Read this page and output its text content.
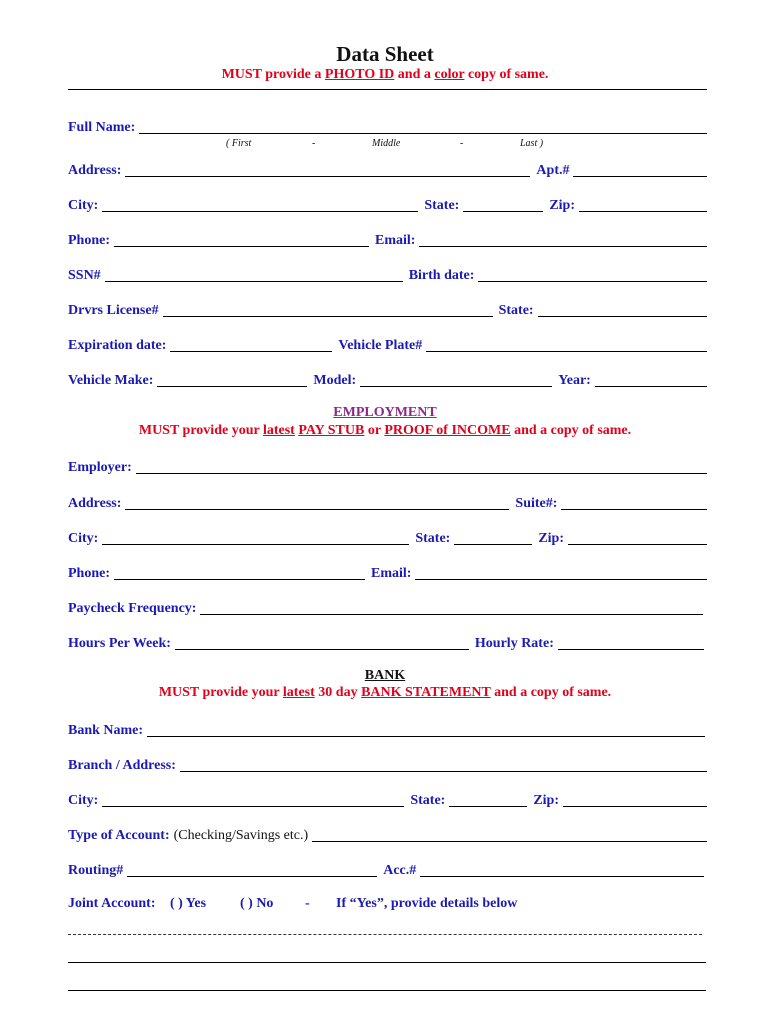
Data Sheet
MUST provide a PHOTO ID and a color copy of same.
Full Name:
( First	-	Middle	-	Last )
Address:	Apt.#
City:	State:	Zip:
Phone:	Email:
SSN#	Birth date:
Drvrs License#	State:
Expiration date:	Vehicle Plate#
Vehicle Make:	Model:	Year:
EMPLOYMENT
MUST provide your latest PAY STUB or PROOF of INCOME and a copy of same.
Employer:
Address:	Suite#:
City:	State:	Zip:
Phone:	Email:
Paycheck Frequency:
Hours Per Week:	Hourly Rate:
BANK
MUST provide your latest 30 day BANK STATEMENT and a copy of same.
Bank Name:
Branch / Address:
City:	State:	Zip:
Type of Account: (Checking/Savings etc.)
Routing#	Acc.#
Joint Account: ( ) Yes ( ) No - If “Yes”, provide details below
